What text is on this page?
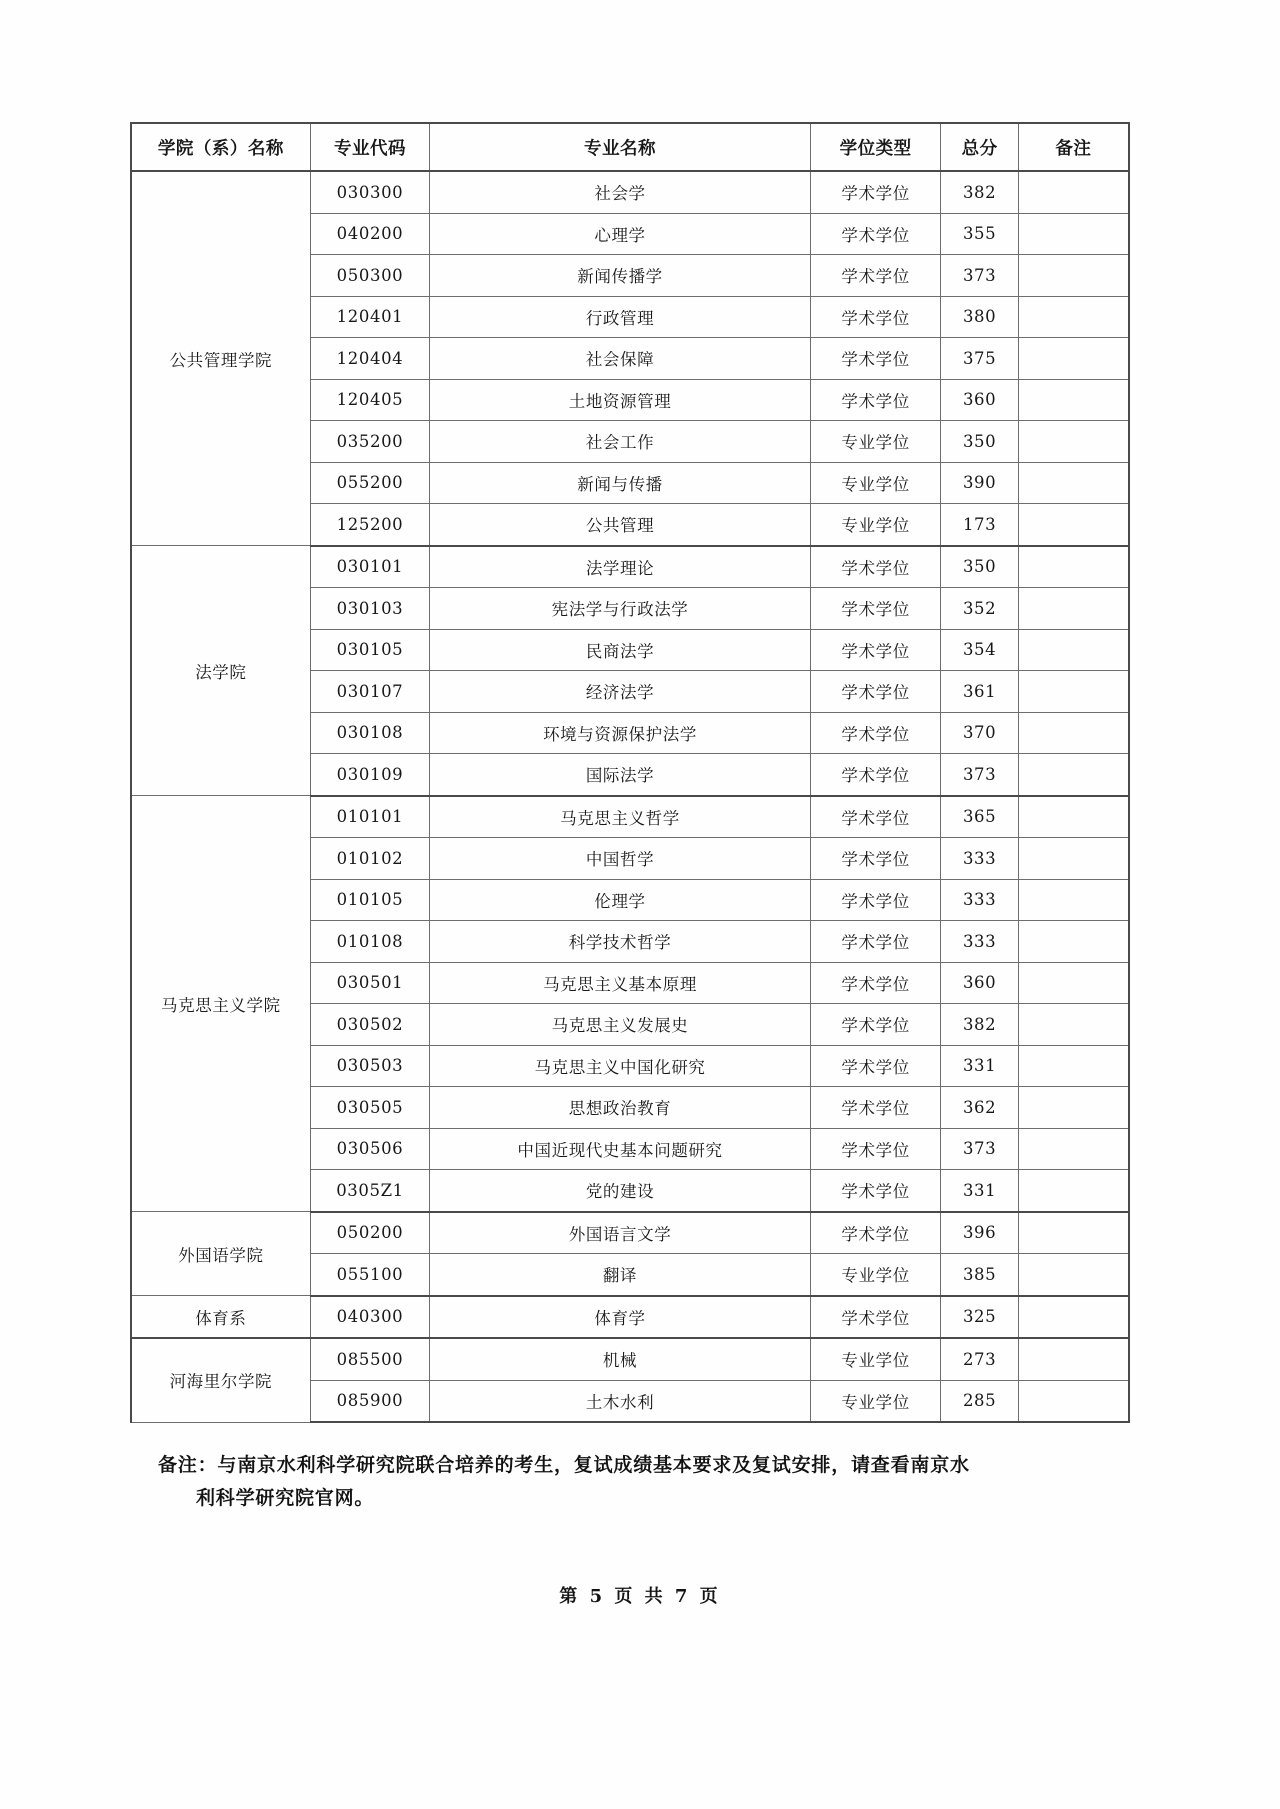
学院（系）名称	专业代码	专业名称	学位类型	总分	备注
公共管理学院	030300	社会学	学术学位	382	
	040200	心理学	学术学位	355	
	050300	新闻传播学	学术学位	373	
	120401	行政管理	学术学位	380	
	120404	社会保障	学术学位	375	
	120405	土地资源管理	学术学位	360	
	035200	社会工作	专业学位	350	
	055200	新闻与传播	专业学位	390	
	125200	公共管理	专业学位	173	
法学院	030101	法学理论	学术学位	350	
	030103	宪法学与行政法学	学术学位	352	
	030105	民商法学	学术学位	354	
	030107	经济法学	学术学位	361	
	030108	环境与资源保护法学	学术学位	370	
	030109	国际法学	学术学位	373	
马克思主义学院	010101	马克思主义哲学	学术学位	365	
	010102	中国哲学	学术学位	333	
	010105	伦理学	学术学位	333	
	010108	科学技术哲学	学术学位	333	
	030501	马克思主义基本原理	学术学位	360	
	030502	马克思主义发展史	学术学位	382	
	030503	马克思主义中国化研究	学术学位	331	
	030505	思想政治教育	学术学位	362	
	030506	中国近现代史基本问题研究	学术学位	373	
	0305Z1	党的建设	学术学位	331	
外国语学院	050200	外国语言文学	学术学位	396	
	055100	翻译	专业学位	385	
体育系	040300	体育学	学术学位	325	
河海里尔学院	085500	机械	专业学位	273	
	085900	土木水利	专业学位	285	
备注：与南京水利科学研究院联合培养的考生，复试成绩基本要求及复试安排，请查看南京水
利科学研究院官网。
第 5 页 共 7 页
